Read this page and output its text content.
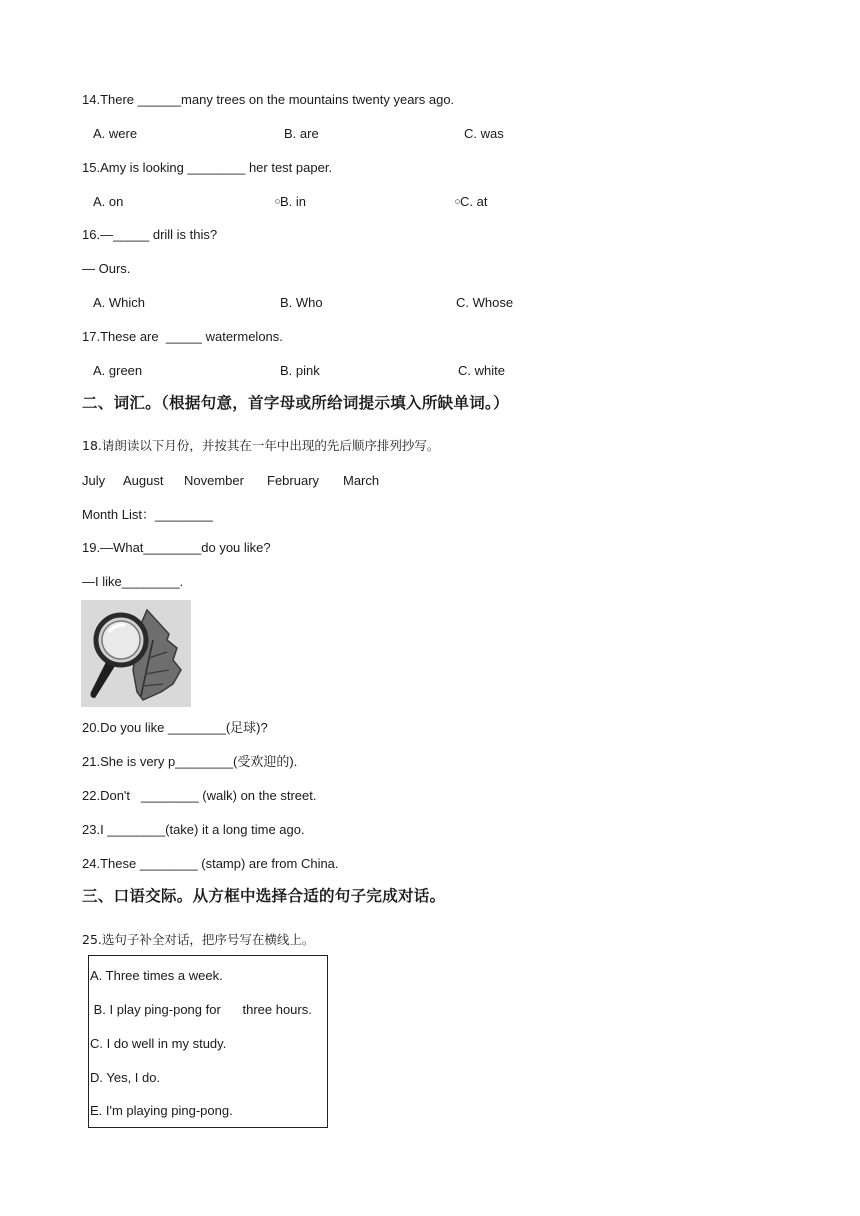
14.There ______many trees on the mountains twenty years ago.
A. were	B. are	C. was
15.Amy is looking ________ her test paper.
A. on	B. in	C. at
16.—_____ drill is this?
— Ours.
A. Which	B. Who	C. Whose
17.These are  _____ watermelons.
A. green	B. pink	C. white
二、词汇。（根据句意，首字母或所给词提示填入所缺单词。）
18.请朗读以下月份，并按其在一年中出现的先后顺序排列抄写。
July August November February March
Month List：________
19.—What________do you like?
—I like________.
20.Do you like ________(足球)?
21.She is very p________(受欢迎的).
22.Don't   ________ (walk) on the street.
23.I ________(take) it a long time ago.
24.These ________ (stamp) are from China.
三、口语交际。从方框中选择合适的句子完成对话。
25.选句子补全对话，把序号写在横线上。
A. Three times a week.
B. I play ping-pong for      three hours.
C. I do well in my study.
D. Yes, I do.
E. I'm playing ping-pong.
